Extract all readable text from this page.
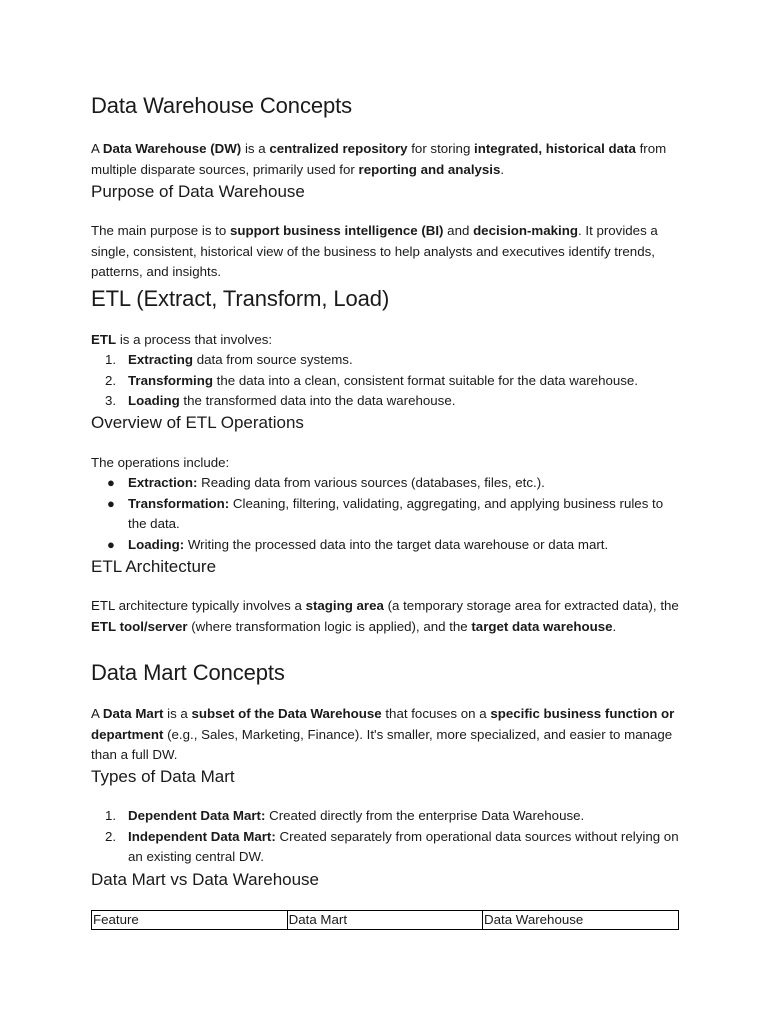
Data Warehouse Concepts

A Data Warehouse (DW) is a centralized repository for storing integrated, historical data from multiple disparate sources, primarily used for reporting and analysis.

Purpose of Data Warehouse

The main purpose is to support business intelligence (BI) and decision-making. It provides a single, consistent, historical view of the business to help analysts and executives identify trends, patterns, and insights.

ETL (Extract, Transform, Load)

ETL is a process that involves:

1. Extracting data from source systems.
2. Transforming the data into a clean, consistent format suitable for the data warehouse.
3. Loading the transformed data into the data warehouse.
Overview of ETL Operations

The operations include:

● Extraction: Reading data from various sources (databases, files, etc.).
● Transformation: Cleaning, filtering, validating, aggregating, and applying business rules to the data.
● Loading: Writing the processed data into the target data warehouse or data mart.
ETL Architecture

ETL architecture typically involves a staging area (a temporary storage area for extracted data), the ETL tool/server (where transformation logic is applied), and the target data warehouse.

Data Mart Concepts

A Data Mart is a subset of the Data Warehouse that focuses on a specific business function or department (e.g., Sales, Marketing, Finance). It's smaller, more specialized, and easier to manage than a full DW.

Types of Data Mart
1. Dependent Data Mart: Created directly from the enterprise Data Warehouse.
2. Independent Data Mart: Created separately from operational data sources without relying on an existing central DW.
Data Mart vs Data Warehouse
Feature	Data Mart	Data Warehouse
